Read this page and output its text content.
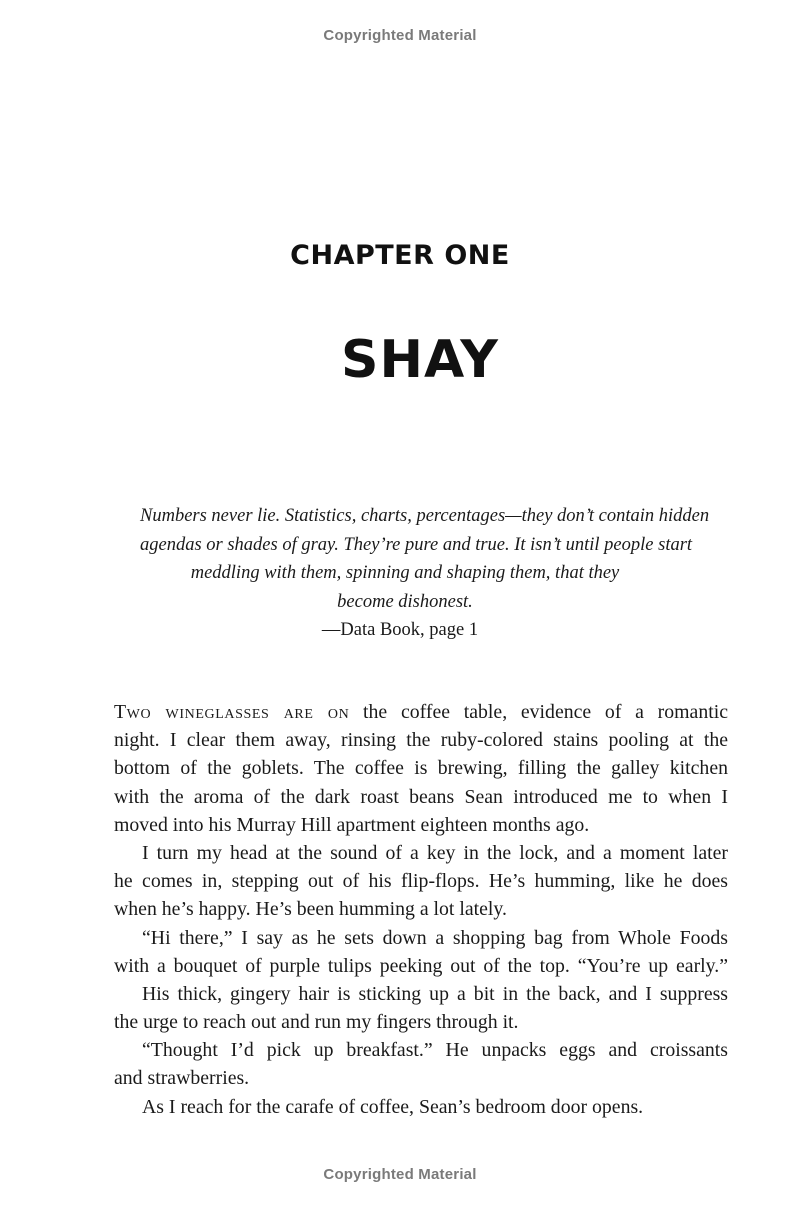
Copyrighted Material
CHAPTER ONE
SHAY
Numbers never lie. Statistics, charts, percentages—they don’t contain hidden
agendas or shades of gray. They’re pure and true. It isn’t until people start
meddling with them, spinning and shaping them, that they
become dishonest.
—Data Book, page 1
Two wineglasses are on the coffee table, evidence of a romantic
night. I clear them away, rinsing the ruby-colored stains pooling at the
bottom of the goblets. The coffee is brewing, filling the galley kitchen
with the aroma of the dark roast beans Sean introduced me to when I
moved into his Murray Hill apartment eighteen months ago.
I turn my head at the sound of a key in the lock, and a moment later
he comes in, stepping out of his flip-flops. He’s humming, like he does
when he’s happy. He’s been humming a lot lately.
“Hi there,” I say as he sets down a shopping bag from Whole Foods
with a bouquet of purple tulips peeking out of the top. “You’re up early.”
His thick, gingery hair is sticking up a bit in the back, and I suppress
the urge to reach out and run my fingers through it.
“Thought I’d pick up breakfast.” He unpacks eggs and croissants
and strawberries.
As I reach for the carafe of coffee, Sean’s bedroom door opens.
Copyrighted Material
